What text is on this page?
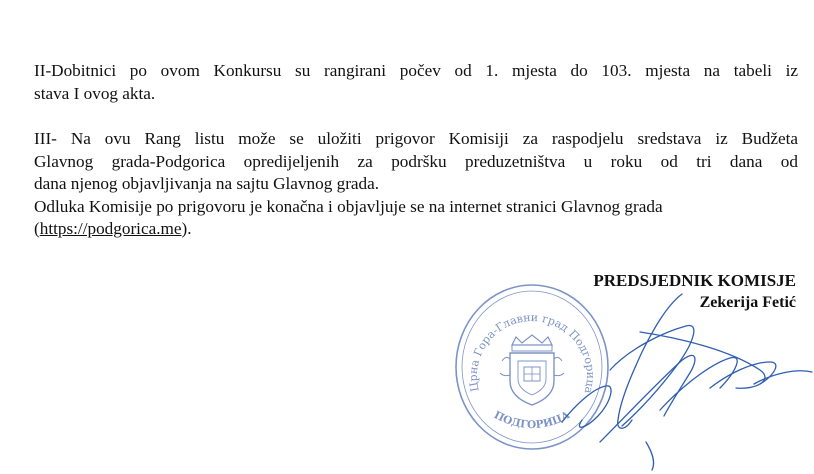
II-Dobitnici po ovom Konkursu su rangirani počev od 1. mjesta do 103. mjesta na tabeli iz
stava I ovog akta.

III- Na ovu Rang listu može se uložiti prigovor Komisiji za raspodjelu sredstava iz Budžeta
Glavnog grada-Podgorica opredijeljenih za podršku preduzetništva u roku od tri dana od
dana njenog objavljivanja na sajtu Glavnog grada.
Odluka Komisije po prigovoru je konačna i objavljuje se na internet stranici Glavnog grada
(https://podgorica.me).

Црна Гора-Главни град Подгорица
ПОДГОРИЦА
PREDSJEDNIK KOMISJE
Zekerija Fetić
